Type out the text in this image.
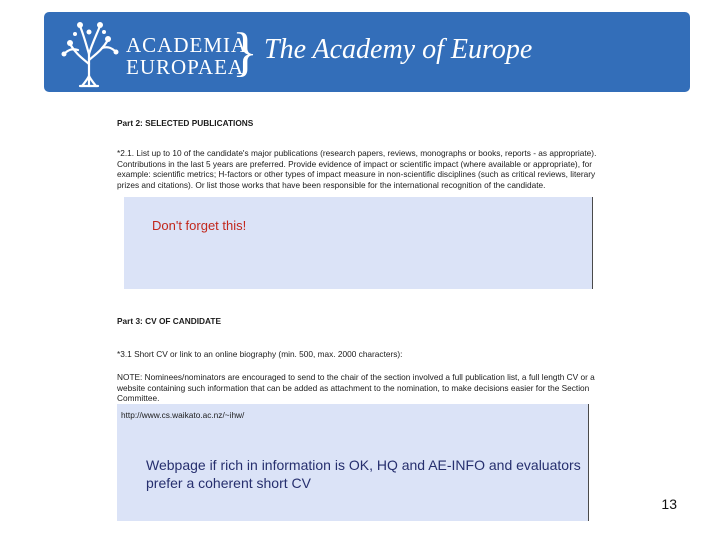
ACADEMIA
EUROPAEA
} The Academy of Europe

Part 2: SELECTED PUBLICATIONS

*2.1. List up to 10 of the candidate's major publications (research papers, reviews, monographs or books, reports - as appropriate).

Contributions in the last 5 years are preferred. Provide evidence of impact or scientific impact (where available or appropriate), for

example: scientific metrics; H-factors or other types of impact measure in non-scientific disciplines (such as critical reviews, literary

prizes and citations). Or list those works that have been responsible for the international recognition of the candidate.

Don't forget this!

Part 3: CV OF CANDIDATE

*3.1 Short CV or link to an online biography (min. 500, max. 2000 characters):

NOTE: Nominees/nominators are encouraged to send to the chair of the section involved a full publication list, a full length CV or a

website containing such information that can be added as attachment to the nomination, to make decisions easier for the Section

Committee.

http://www.cs.waikato.ac.nz/~ihw/
Webpage if rich in information is OK, HQ and AE-INFO and evaluators prefer a coherent short CV
13
